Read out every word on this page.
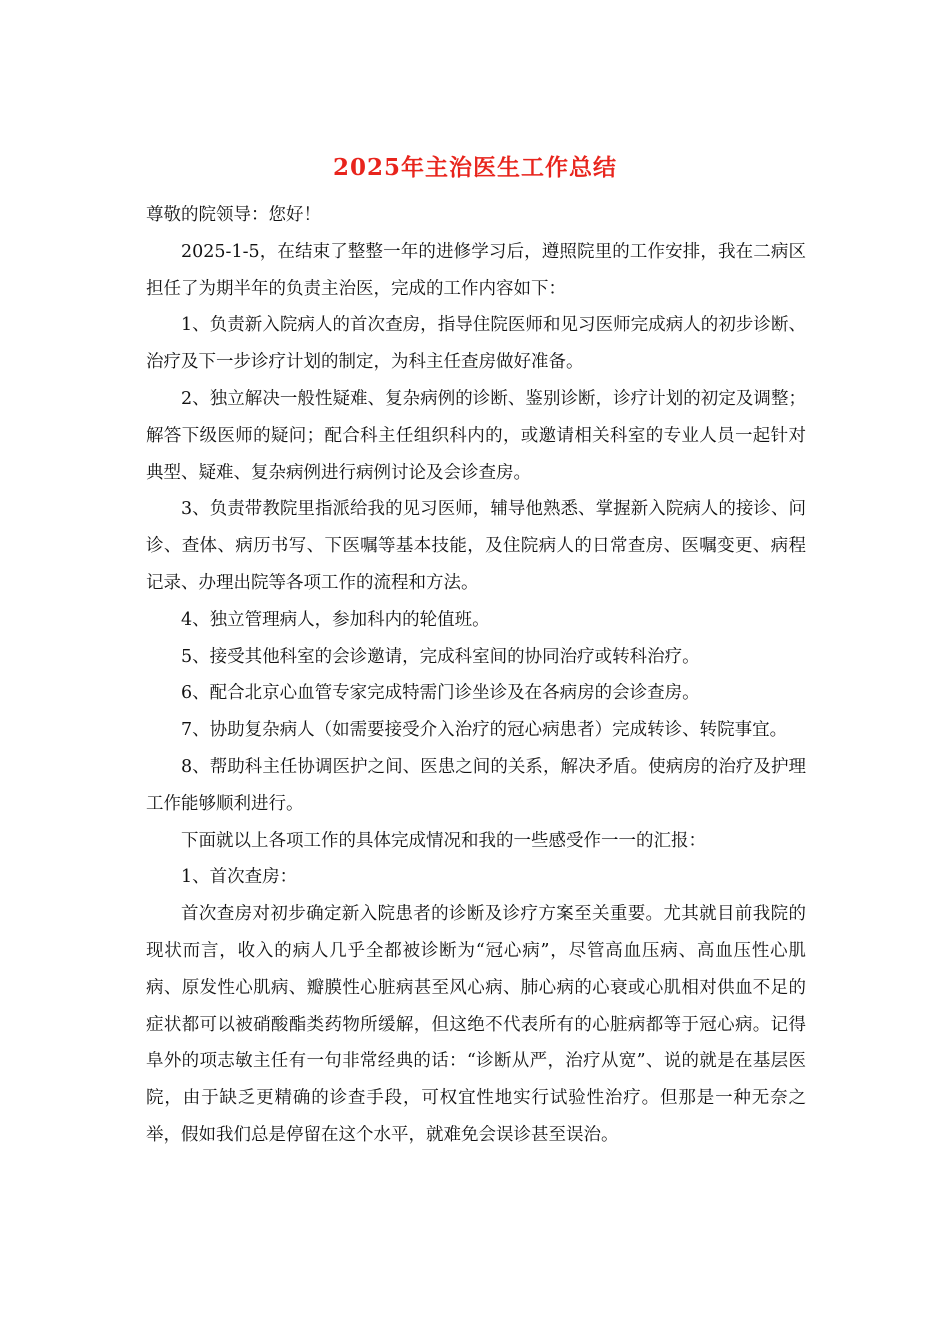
2025年主治医生工作总结

尊敬的院领导：您好！

2025-1-5，在结束了整整一年的进修学习后，遵照院里的工作安排，我在二病区担任了为期半年的负责主治医，完成的工作内容如下：

1、负责新入院病人的首次查房，指导住院医师和见习医师完成病人的初步诊断、治疗及下一步诊疗计划的制定，为科主任查房做好准备。

2、独立解决一般性疑难、复杂病例的诊断、鉴别诊断，诊疗计划的初定及调整；解答下级医师的疑问；配合科主任组织科内的，或邀请相关科室的专业人员一起针对典型、疑难、复杂病例进行病例讨论及会诊查房。

3、负责带教院里指派给我的见习医师，辅导他熟悉、掌握新入院病人的接诊、问诊、查体、病历书写、下医嘱等基本技能，及住院病人的日常查房、医嘱变更、病程记录、办理出院等各项工作的流程和方法。

4、独立管理病人，参加科内的轮值班。

5、接受其他科室的会诊邀请，完成科室间的协同治疗或转科治疗。

6、配合北京心血管专家完成特需门诊坐诊及在各病房的会诊查房。

7、协助复杂病人（如需要接受介入治疗的冠心病患者）完成转诊、转院事宜。

8、帮助科主任协调医护之间、医患之间的关系，解决矛盾。使病房的治疗及护理工作能够顺利进行。

下面就以上各项工作的具体完成情况和我的一些感受作一一的汇报：

1、首次查房：

首次查房对初步确定新入院患者的诊断及诊疗方案至关重要。尤其就目前我院的现状而言，收入的病人几乎全都被诊断为“冠心病”，尽管高血压病、高血压性心肌病、原发性心肌病、瓣膜性心脏病甚至风心病、肺心病的心衰或心肌相对供血不足的症状都可以被硝酸酯类药物所缓解，但这绝不代表所有的心脏病都等于冠心病。记得阜外的项志敏主任有一句非常经典的话：“诊断从严，治疗从宽”、说的就是在基层医院，由于缺乏更精确的诊查手段，可权宜性地实行试验性治疗。但那是一种无奈之举，假如我们总是停留在这个水平，就难免会误诊甚至误治。
